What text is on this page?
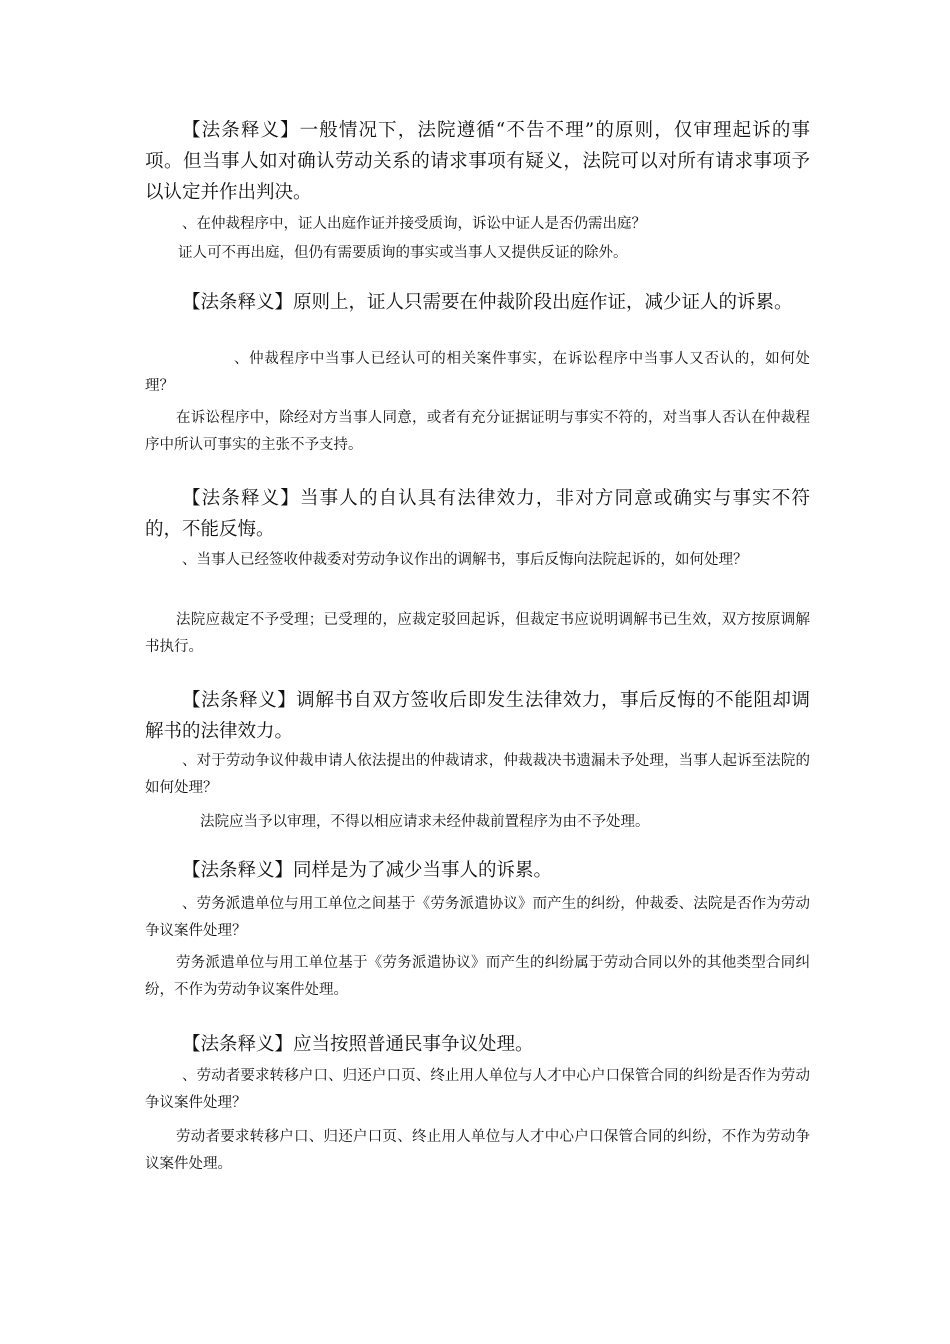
【法条释义】一般情况下，法院遵循“不告不理”的原则，仅审理起诉的事项。但当事人如对确认劳动关系的请求事项有疑义，法院可以对所有请求事项予以认定并作出判决。

、在仲裁程序中，证人出庭作证并接受质询，诉讼中证人是否仍需出庭？

证人可不再出庭，但仍有需要质询的事实或当事人又提供反证的除外。

【法条释义】原则上，证人只需要在仲裁阶段出庭作证，减少证人的诉累。

、仲裁程序中当事人已经认可的相关案件事实，在诉讼程序中当事人又否认的，如何处理？

在诉讼程序中，除经对方当事人同意，或者有充分证据证明与事实不符的，对当事人否认在仲裁程序中所认可事实的主张不予支持。

【法条释义】当事人的自认具有法律效力，非对方同意或确实与事实不符的，不能反悔。

、当事人已经签收仲裁委对劳动争议作出的调解书，事后反悔向法院起诉的，如何处理？

法院应裁定不予受理；已受理的，应裁定驳回起诉，但裁定书应说明调解书已生效，双方按原调解书执行。

【法条释义】调解书自双方签收后即发生法律效力，事后反悔的不能阻却调解书的法律效力。

、对于劳动争议仲裁申请人依法提出的仲裁请求，仲裁裁决书遗漏未予处理，当事人起诉至法院的如何处理？

法院应当予以审理，不得以相应请求未经仲裁前置程序为由不予处理。

【法条释义】同样是为了减少当事人的诉累。

、劳务派遣单位与用工单位之间基于《劳务派遣协议》而产生的纠纷，仲裁委、法院是否作为劳动争议案件处理？

劳务派遣单位与用工单位基于《劳务派遣协议》而产生的纠纷属于劳动合同以外的其他类型合同纠纷，不作为劳动争议案件处理。

【法条释义】应当按照普通民事争议处理。

、劳动者要求转移户口、归还户口页、终止用人单位与人才中心户口保管合同的纠纷是否作为劳动争议案件处理？

劳动者要求转移户口、归还户口页、终止用人单位与人才中心户口保管合同的纠纷，不作为劳动争议案件处理。
